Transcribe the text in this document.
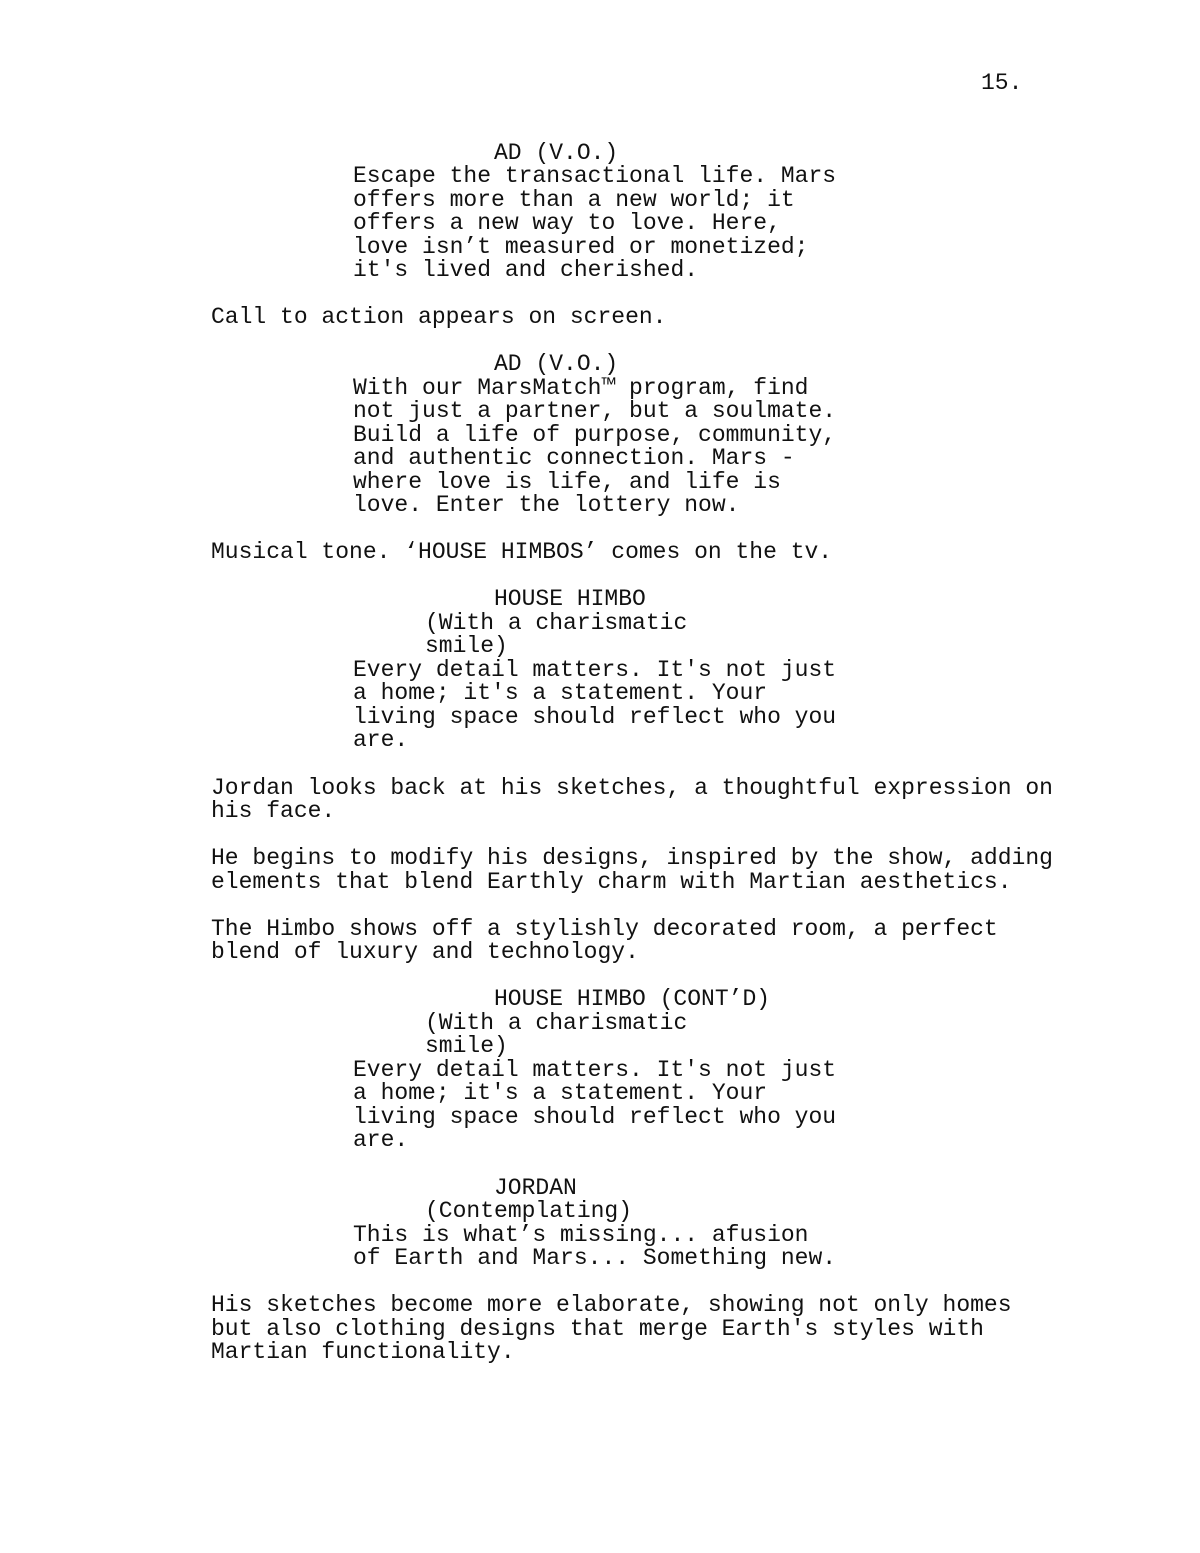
15.
AD (V.O.)
Escape the transactional life. Mars
offers more than a new world; it
offers a new way to love. Here,
love isn’t measured or monetized;
it's lived and cherished.
Call to action appears on screen.
AD (V.O.)
With our MarsMatch™ program, find
not just a partner, but a soulmate.
Build a life of purpose, community,
and authentic connection. Mars -
where love is life, and life is
love. Enter the lottery now.
Musical tone. ‘HOUSE HIMBOS’ comes on the tv.
HOUSE HIMBO
(With a charismatic
smile)
Every detail matters. It's not just
a home; it's a statement. Your
living space should reflect who you
are.
Jordan looks back at his sketches, a thoughtful expression on
his face.
He begins to modify his designs, inspired by the show, adding
elements that blend Earthly charm with Martian aesthetics.
The Himbo shows off a stylishly decorated room, a perfect
blend of luxury and technology.
HOUSE HIMBO (CONT’D)
(With a charismatic
smile)
Every detail matters. It's not just
a home; it's a statement. Your
living space should reflect who you
are.
JORDAN
(Contemplating)
This is what’s missing... afusion
of Earth and Mars... Something new.
His sketches become more elaborate, showing not only homes
but also clothing designs that merge Earth's styles with
Martian functionality.
